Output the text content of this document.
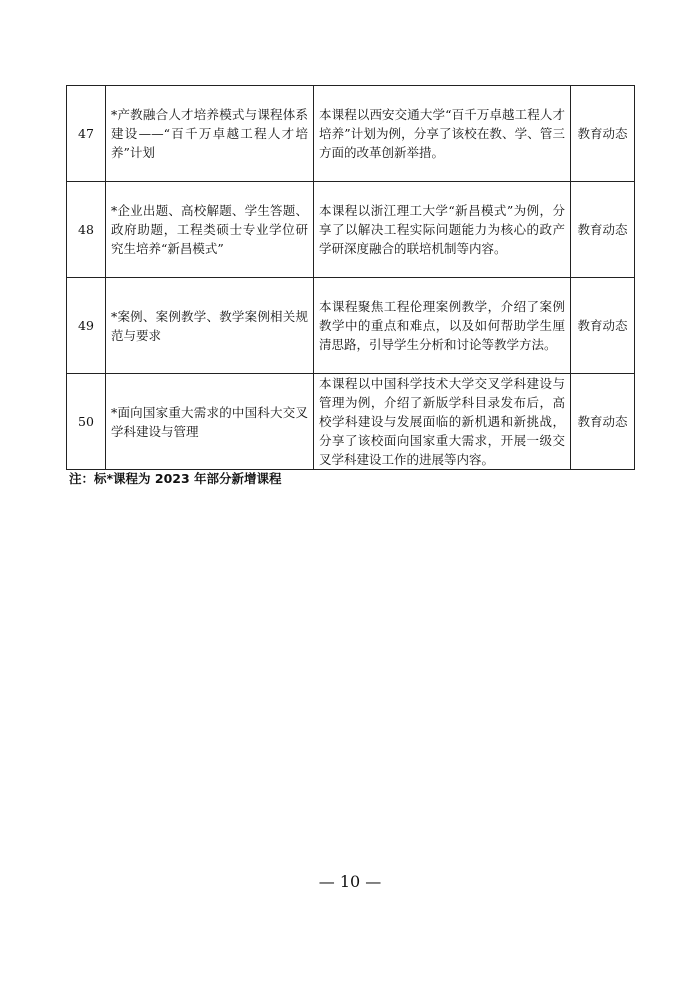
47	*产教融合人才培养模式与课程体系建设——“百千万卓越工程人才培养”计划	本课程以西安交通大学“百千万卓越工程人才培养”计划为例，分享了该校在教、学、管三方面的改革创新举措。	教育动态
48	*企业出题、高校解题、学生答题、政府助题，工程类硕士专业学位研究生培养“新昌模式”	本课程以浙江理工大学“新昌模式”为例，分享了以解决工程实际问题能力为核心的政产学研深度融合的联培机制等内容。	教育动态
49	*案例、案例教学、教学案例相关规范与要求	本课程聚焦工程伦理案例教学，介绍了案例教学中的重点和难点，以及如何帮助学生厘清思路，引导学生分析和讨论等教学方法。	教育动态
50	*面向国家重大需求的中国科大交叉学科建设与管理	本课程以中国科学技术大学交叉学科建设与管理为例，介绍了新版学科目录发布后，高校学科建设与发展面临的新机遇和新挑战，分享了该校面向国家重大需求，开展一级交叉学科建设工作的进展等内容。	教育动态
注：标*课程为 2023 年部分新增课程
— 10 —
